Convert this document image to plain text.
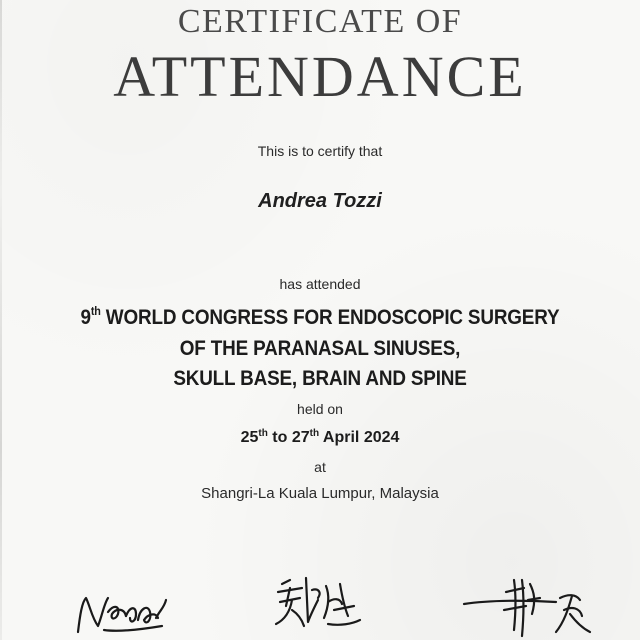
CERTIFICATE OF
ATTENDANCE
This is to certify that
Andrea Tozzi
has attended
9th WORLD CONGRESS FOR ENDOSCOPIC SURGERY
OF THE PARANASAL SINUSES,
SKULL BASE, BRAIN AND SPINE
held on
25th to 27th April 2024
at
Shangri-La Kuala Lumpur, Malaysia
